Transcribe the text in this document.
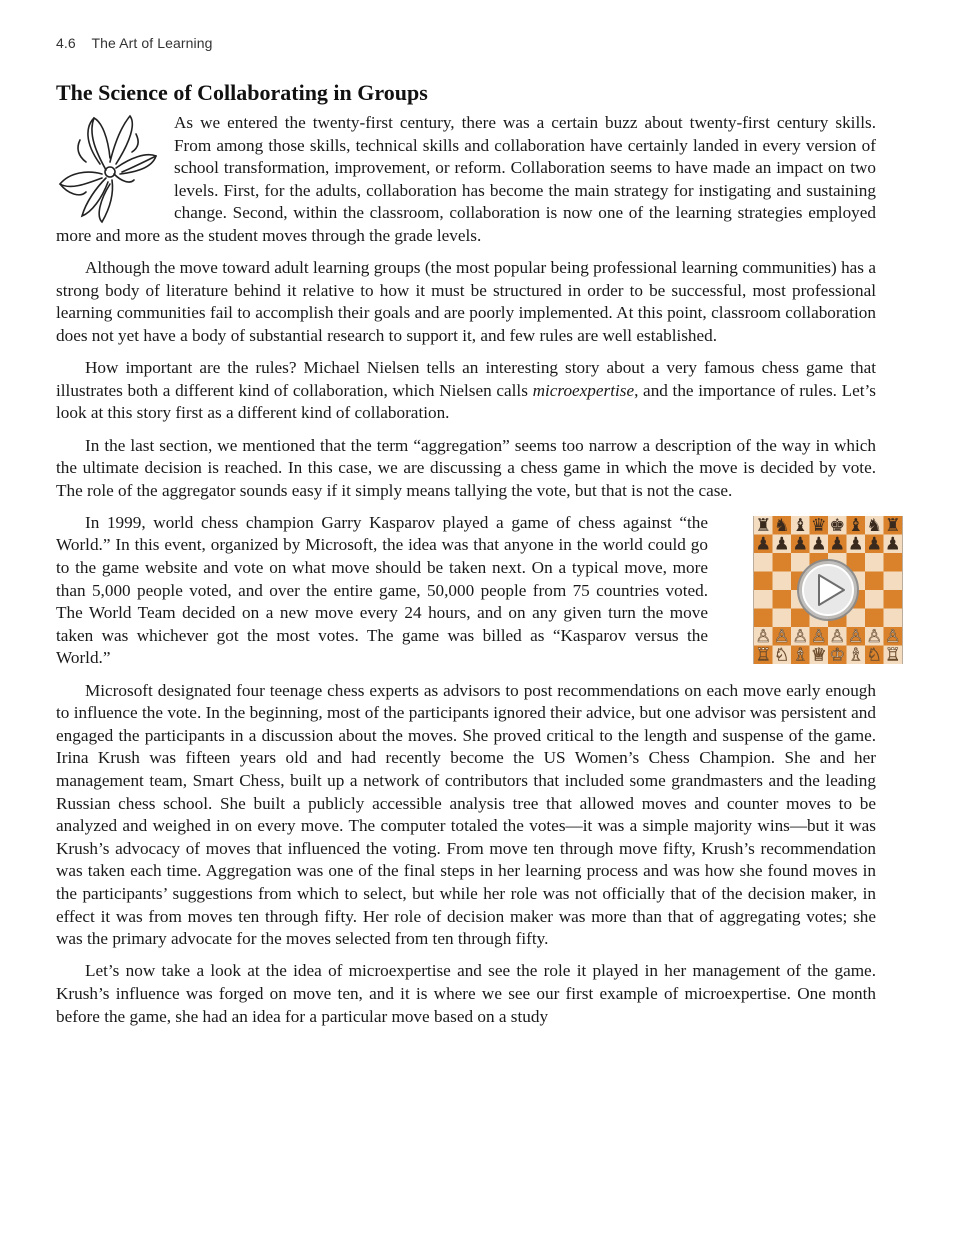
4.6 The Art of Learning
The Science of Collaborating in Groups

As we entered the twenty-first century, there was a certain buzz about twenty-first century skills. From among those skills, technical skills and collaboration have certainly landed in every version of school transformation, improvement, or reform. Collaboration seems to have made an impact on two levels. First, for the adults, collaboration has become the main strategy for instigating and sustaining change. Second, within the classroom, collaboration is now one of the learning strategies employed more and more as the student moves through the grade levels.

Although the move toward adult learning groups (the most popular being professional learning communities) has a strong body of literature behind it relative to how it must be structured in order to be successful, most professional learning communities fail to accomplish their goals and are poorly implemented. At this point, classroom collaboration does not yet have a body of substantial research to support it, and few rules are well established.

How important are the rules? Michael Nielsen tells an interesting story about a very famous chess game that illustrates both a different kind of collaboration, which Nielsen calls microexpertise, and the importance of rules. Let’s look at this story first as a different kind of collaboration.

In the last section, we mentioned that the term “aggregation” seems too narrow a description of the way in which the ultimate decision is reached. In this case, we are discussing a chess game in which the move is decided by vote. The role of the aggregator sounds easy if it simply means tallying the vote, but that is not the case.

♜
♟
♙
♖
♞
♟
♙
♘
♝
♟
♙
♗
♛
♟
♙
♕
♚
♟
♙
♔
♝
♟
♙
♗
♞
♟
♙
♘
♜
♟
♙
♖
In 1999, world chess champion Garry Kasparov played a game of chess against “the World.” In this event, organized by Microsoft, the idea was that anyone in the world could go to the game website and vote on what move should be taken next. On a typical move, more than 5,000 people voted, and over the entire game, 50,000 people from 75 countries voted. The World Team decided on a new move every 24 hours, and on any given turn the move taken was whichever got the most votes. The game was billed as “Kasparov versus the World.”

Microsoft designated four teenage chess experts as advisors to post recommendations on each move early enough to influence the vote. In the beginning, most of the participants ignored their advice, but one advisor was persistent and engaged the participants in a discussion about the moves. She proved critical to the length and suspense of the game. Irina Krush was fifteen years old and had recently become the US Women’s Chess Champion. She and her management team, Smart Chess, built up a network of contributors that included some grandmasters and the leading Russian chess school. She built a publicly accessible analysis tree that allowed moves and counter moves to be analyzed and weighed in on every move. The computer totaled the votes—it was a simple majority wins—but it was Krush’s advocacy of moves that influenced the voting. From move ten through move fifty, Krush’s recommendation was taken each time. Aggregation was one of the final steps in her learning process and was how she found moves in the participants’ suggestions from which to select, but while her role was not officially that of the decision maker, in effect it was from moves ten through fifty. Her role of decision maker was more than that of aggregating votes; she was the primary advocate for the moves selected from ten through fifty.

Let’s now take a look at the idea of microexpertise and see the role it played in her management of the game. Krush’s influence was forged on move ten, and it is where we see our first example of microexpertise. One month before the game, she had an idea for a particular move based on a study
